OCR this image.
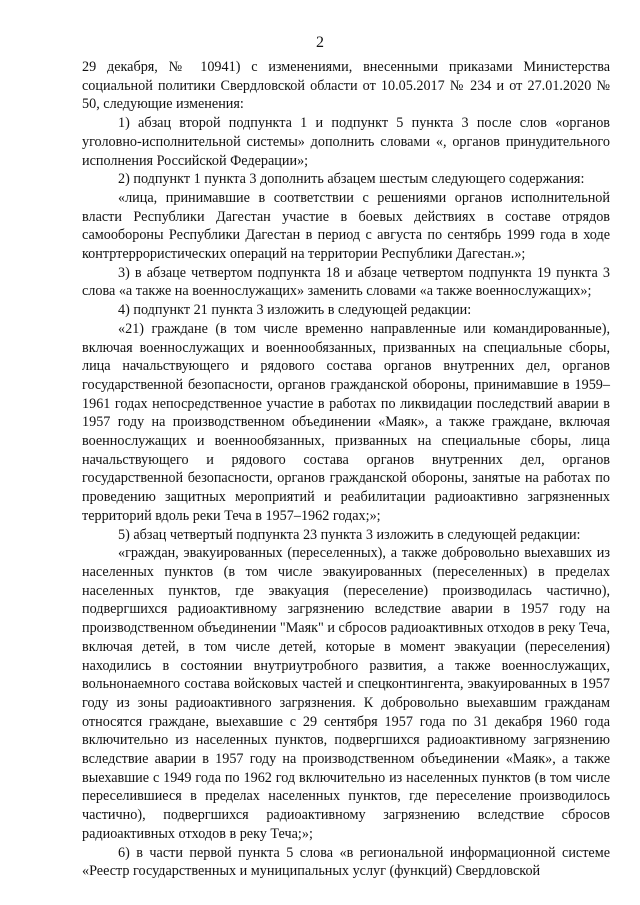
2

29 декабря, № 10941) с изменениями, внесенными приказами Министерства социальной политики Свердловской области от 10.05.2017 № 234 и от 27.01.2020 № 50, следующие изменения:

1) абзац второй подпункта 1 и подпункт 5 пункта 3 после слов «органов уголовно-исполнительной системы» дополнить словами «, органов принудительного исполнения Российской Федерации»;

2) подпункт 1 пункта 3 дополнить абзацем шестым следующего содержания:

«лица, принимавшие в соответствии с решениями органов исполнительной власти Республики Дагестан участие в боевых действиях в составе отрядов самообороны Республики Дагестан в период с августа по сентябрь 1999 года в ходе контртеррористических операций на территории Республики Дагестан.»;

3) в абзаце четвертом подпункта 18 и абзаце четвертом подпункта 19 пункта 3 слова «а также на военнослужащих» заменить словами «а также военнослужащих»;

4) подпункт 21 пункта 3 изложить в следующей редакции:

«21) граждане (в том числе временно направленные или командированные), включая военнослужащих и военнообязанных, призванных на специальные сборы, лица начальствующего и рядового состава органов внутренних дел, органов государственной безопасности, органов гражданской обороны, принимавшие в 1959–1961 годах непосредственное участие в работах по ликвидации последствий аварии в 1957 году на производственном объединении «Маяк», а также граждане, включая военнослужащих и военнообязанных, призванных на специальные сборы, лица начальствующего и рядового состава органов внутренних дел, органов государственной безопасности, органов гражданской обороны, занятые на работах по проведению защитных мероприятий и реабилитации радиоактивно загрязненных территорий вдоль реки Теча в 1957–1962 годах;»;

5) абзац четвертый подпункта 23 пункта 3 изложить в следующей редакции:

«граждан, эвакуированных (переселенных), а также добровольно выехавших из населенных пунктов (в том числе эвакуированных (переселенных) в пределах населенных пунктов, где эвакуация (переселение) производилась частично), подвергшихся радиоактивному загрязнению вследствие аварии в 1957 году на производственном объединении "Маяк" и сбросов радиоактивных отходов в реку Теча, включая детей, в том числе детей, которые в момент эвакуации (переселения) находились в состоянии внутриутробного развития, а также военнослужащих, вольнонаемного состава войсковых частей и спецконтингента, эвакуированных в 1957 году из зоны радиоактивного загрязнения. К добровольно выехавшим гражданам относятся граждане, выехавшие с 29 сентября 1957 года по 31 декабря 1960 года включительно из населенных пунктов, подвергшихся радиоактивному загрязнению вследствие аварии в 1957 году на производственном объединении «Маяк», а также выехавшие с 1949 года по 1962 год включительно из населенных пунктов (в том числе переселившиеся в пределах населенных пунктов, где переселение производилось частично), подвергшихся радиоактивному загрязнению вследствие сбросов радиоактивных отходов в реку Теча;»;

6) в части первой пункта 5 слова «в региональной информационной системе «Реестр государственных и муниципальных услуг (функций) Свердловской
